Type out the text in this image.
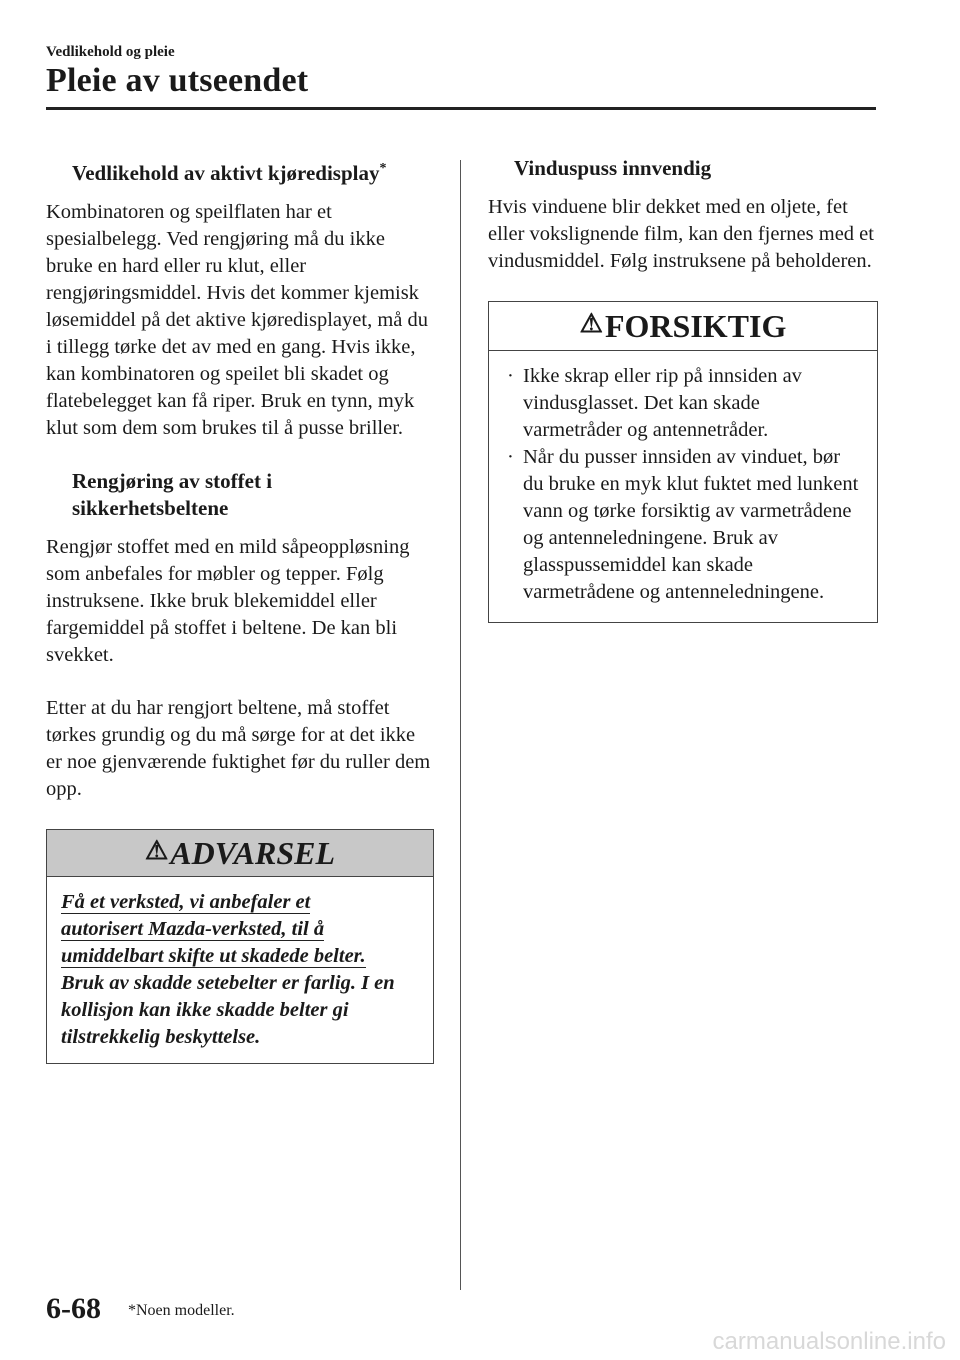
Vedlikehold og pleie
Pleie av utseendet
Vedlikehold av aktivt kjøredisplay*

Kombinatoren og speilflaten har et spesialbelegg. Ved rengjøring må du ikke bruke en hard eller ru klut, eller rengjøringsmiddel. Hvis det kommer kjemisk løsemiddel på det aktive kjøredisplayet, må du i tillegg tørke det av med en gang. Hvis ikke, kan kombinatoren og speilet bli skadet og flatebelegget kan få riper. Bruk en tynn, myk klut som dem som brukes til å pusse briller.

Rengjøring av stoffet i sikkerhetsbeltene

Rengjør stoffet med en mild såpeoppløsning som anbefales for møbler og tepper. Følg instruksene. Ikke bruk blekemiddel eller fargemiddel på stoffet i beltene. De kan bli svekket.

Etter at du har rengjort beltene, må stoffet tørkes grundig og du må sørge for at det ikke er noe gjenværende fuktighet før du ruller dem opp.

⚠ ADVARSEL
Få et verksted, vi anbefaler et
autorisert Mazda-verksted, til å
umiddelbart skifte ut skadede belter.
Bruk av skadde setebelter er farlig. I en kollisjon kan ikke skadde belter gi tilstrekkelig beskyttelse.
Vinduspuss innvendig

Hvis vinduene blir dekket med en oljete, fet eller vokslignende film, kan den fjernes med et vindusmiddel. Følg instruksene på beholderen.

⚠ FORSIKTIG
· Ikke skrap eller rip på innsiden av vindusglasset. Det kan skade varmetråder og antennetråder.
· Når du pusser innsiden av vinduet, bør du bruke en myk klut fuktet med lunkent vann og tørke forsiktig av varmetrådene og antenneledningene. Bruk av glasspussemiddel kan skade varmetrådene og antenneledningene.
6-68 *Noen modeller.
carmanualsonline.info
